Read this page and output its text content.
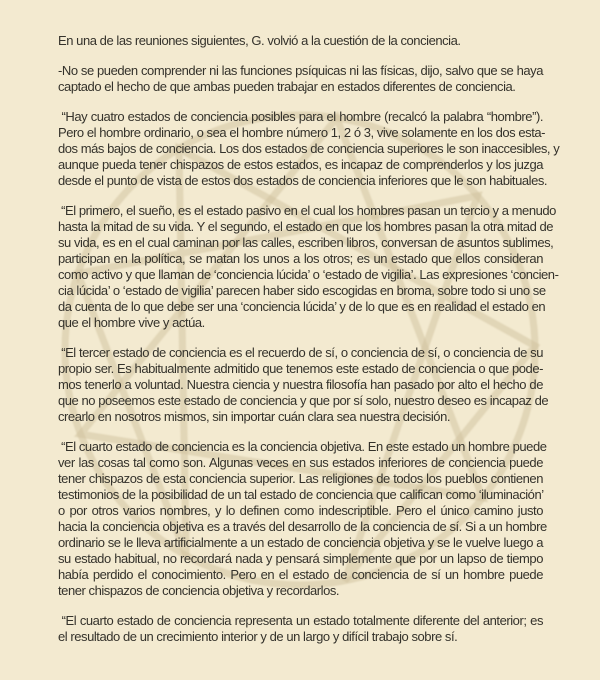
En una de las reuniones siguientes, G. volvió a la cuestión de la conciencia.

-No se pueden comprender ni las funciones psíquicas ni las físicas, dijo, salvo que se haya
captado el hecho de que ambas pueden trabajar en estados diferentes de conciencia.

“Hay cuatro estados de conciencia posibles para el hombre (recalcó la palabra “hombre”).
Pero el hombre ordinario, o sea el hombre número 1, 2 ó 3, vive solamente en los dos esta-
dos más bajos de conciencia. Los dos estados de conciencia superiores le son inaccesibles, y
aunque pueda tener chispazos de estos estados, es incapaz de comprenderlos y los juzga
desde el punto de vista de estos dos estados de conciencia inferiores que le son habituales.

“El primero, el sueño, es el estado pasivo en el cual los hombres pasan un tercio y a menudo
hasta la mitad de su vida. Y el segundo, el estado en que los hombres pasan la otra mitad de
su vida, es en el cual caminan por las calles, escriben libros, conversan de asuntos sublimes,
participan en la política, se matan los unos a los otros; es un estado que ellos consideran
como activo y que llaman de ‘conciencia lúcida’ o ‘estado de vigilia’. Las expresiones ‘concien-
cia lúcida’ o ‘estado de vigilia’ parecen haber sido escogidas en broma, sobre todo si uno se
da cuenta de lo que debe ser una ‘conciencia lúcida’ y de lo que es en realidad el estado en
que el hombre vive y actúa.

“El tercer estado de conciencia es el recuerdo de sí, o conciencia de sí, o conciencia de su
propio ser. Es habitualmente admitido que tenemos este estado de conciencia o que pode-
mos tenerlo a voluntad. Nuestra ciencia y nuestra filosofía han pasado por alto el hecho de
que no poseemos este estado de conciencia y que por sí solo, nuestro deseo es incapaz de
crearlo en nosotros mismos, sin importar cuán clara sea nuestra decisión.

“El cuarto estado de conciencia es la conciencia objetiva. En este estado un hombre puede
ver las cosas tal como son. Algunas veces en sus estados inferiores de conciencia puede
tener chispazos de esta conciencia superior. Las religiones de todos los pueblos contienen
testimonios de la posibilidad de un tal estado de conciencia que califican como ‘iluminación’
o por otros varios nombres, y lo definen como indescriptible. Pero el único camino justo
hacia la conciencia objetiva es a través del desarrollo de la conciencia de sí. Si a un hombre
ordinario se le lleva artificialmente a un estado de conciencia objetiva y se le vuelve luego a
su estado habitual, no recordará nada y pensará simplemente que por un lapso de tiempo
había perdido el conocimiento. Pero en el estado de conciencia de sí un hombre puede
tener chispazos de conciencia objetiva y recordarlos.

“El cuarto estado de conciencia representa un estado totalmente diferente del anterior; es
el resultado de un crecimiento interior y de un largo y difícil trabajo sobre sí.
